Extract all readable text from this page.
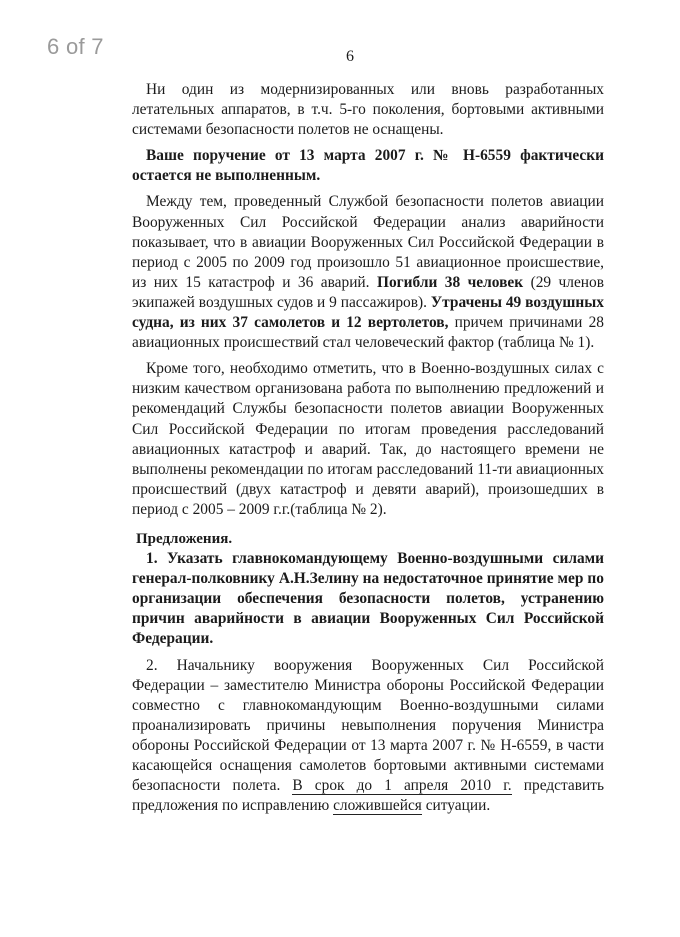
6 of 7	6

Ни один из модернизированных или вновь разработанных летательных аппаратов, в т.ч. 5-го поколения, бортовыми активными системами безопасности полетов не оснащены.

Ваше поручение от 13 марта 2007 г. № Н-6559 фактически остается не выполненным.

Между тем, проведенный Службой безопасности полетов авиации Вооруженных Сил Российской Федерации анализ аварийности показывает, что в авиации Вооруженных Сил Российской Федерации в период с 2005 по 2009 год произошло 51 авиационное происшествие, из них 15 катастроф и 36 аварий. Погибли 38 человек (29 членов экипажей воздушных судов и 9 пассажиров). Утрачены 49 воздушных судна, из них 37 самолетов и 12 вертолетов, причем причинами 28 авиационных происшествий стал человеческий фактор (таблица № 1).

Кроме того, необходимо отметить, что в Военно-воздушных силах с низким качеством организована работа по выполнению предложений и рекомендаций Службы безопасности полетов авиации Вооруженных Сил Российской Федерации по итогам проведения расследований авиационных катастроф и аварий. Так, до настоящего времени не выполнены рекомендации по итогам расследований 11-ти авиационных происшествий (двух катастроф и девяти аварий), произошедших в период с 2005 – 2009 г.г.(таблица № 2).

Предложения.

1. Указать главнокомандующему Военно-воздушными силами генерал-полковнику А.Н.Зелину на недостаточное принятие мер по организации обеспечения безопасности полетов, устранению причин аварийности в авиации Вооруженных Сил Российской Федерации.

2. Начальнику вооружения Вооруженных Сил Российской Федерации – заместителю Министра обороны Российской Федерации совместно с главнокомандующим Военно-воздушными силами проанализировать причины невыполнения поручения Министра обороны Российской Федерации от 13 марта 2007 г. № Н-6559, в части касающейся оснащения самолетов бортовыми активными системами безопасности полета. В срок до 1 апреля 2010 г. представить предложения по исправлению сложившейся ситуации.
